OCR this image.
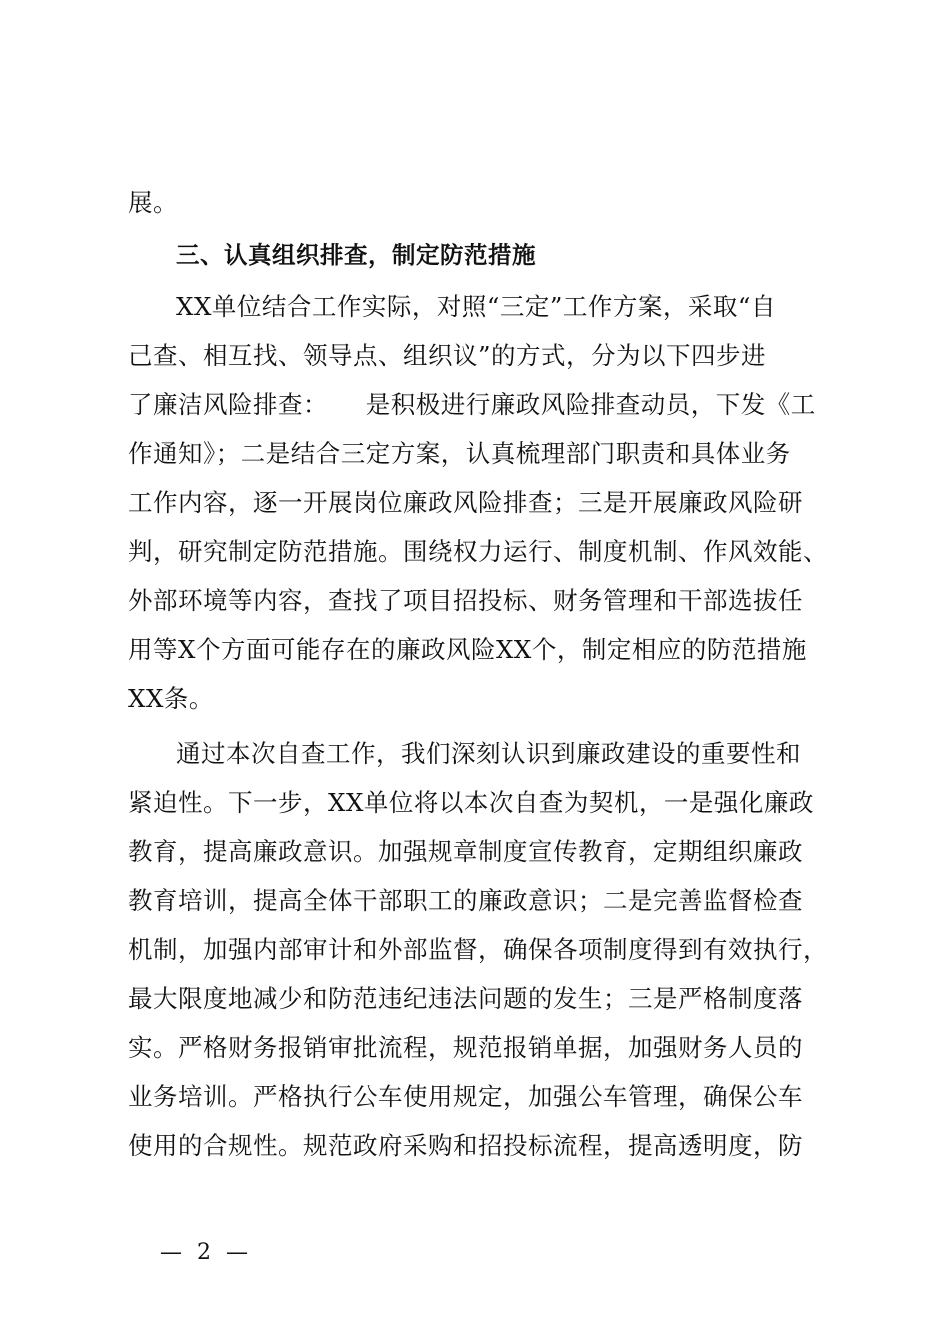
展。
三、认真组织排查，制定防范措施
XX单位结合工作实际，对照“三定”工作方案，采取“自
己查、相互找、领导点、组织议”的方式，分为以下四步进
了廉洁风险排查：　　是积极进行廉政风险排查动员，下发《工
作通知》；二是结合三定方案，认真梳理部门职责和具体业务
工作内容，逐一开展岗位廉政风险排查；三是开展廉政风险研
判，研究制定防范措施。围绕权力运行、制度机制、作风效能、
外部环境等内容，查找了项目招投标、财务管理和干部选拔任
用等X个方面可能存在的廉政风险XX个，制定相应的防范措施
XX条。
通过本次自查工作，我们深刻认识到廉政建设的重要性和
紧迫性。下一步，XX单位将以本次自查为契机，一是强化廉政
教育，提高廉政意识。加强规章制度宣传教育，定期组织廉政
教育培训，提高全体干部职工的廉政意识；二是完善监督检查
机制，加强内部审计和外部监督，确保各项制度得到有效执行，
最大限度地减少和防范违纪违法问题的发生；三是严格制度落
实。严格财务报销审批流程，规范报销单据，加强财务人员的
业务培训。严格执行公车使用规定，加强公车管理，确保公车
使用的合规性。规范政府采购和招投标流程，提高透明度，防
— 2 —
